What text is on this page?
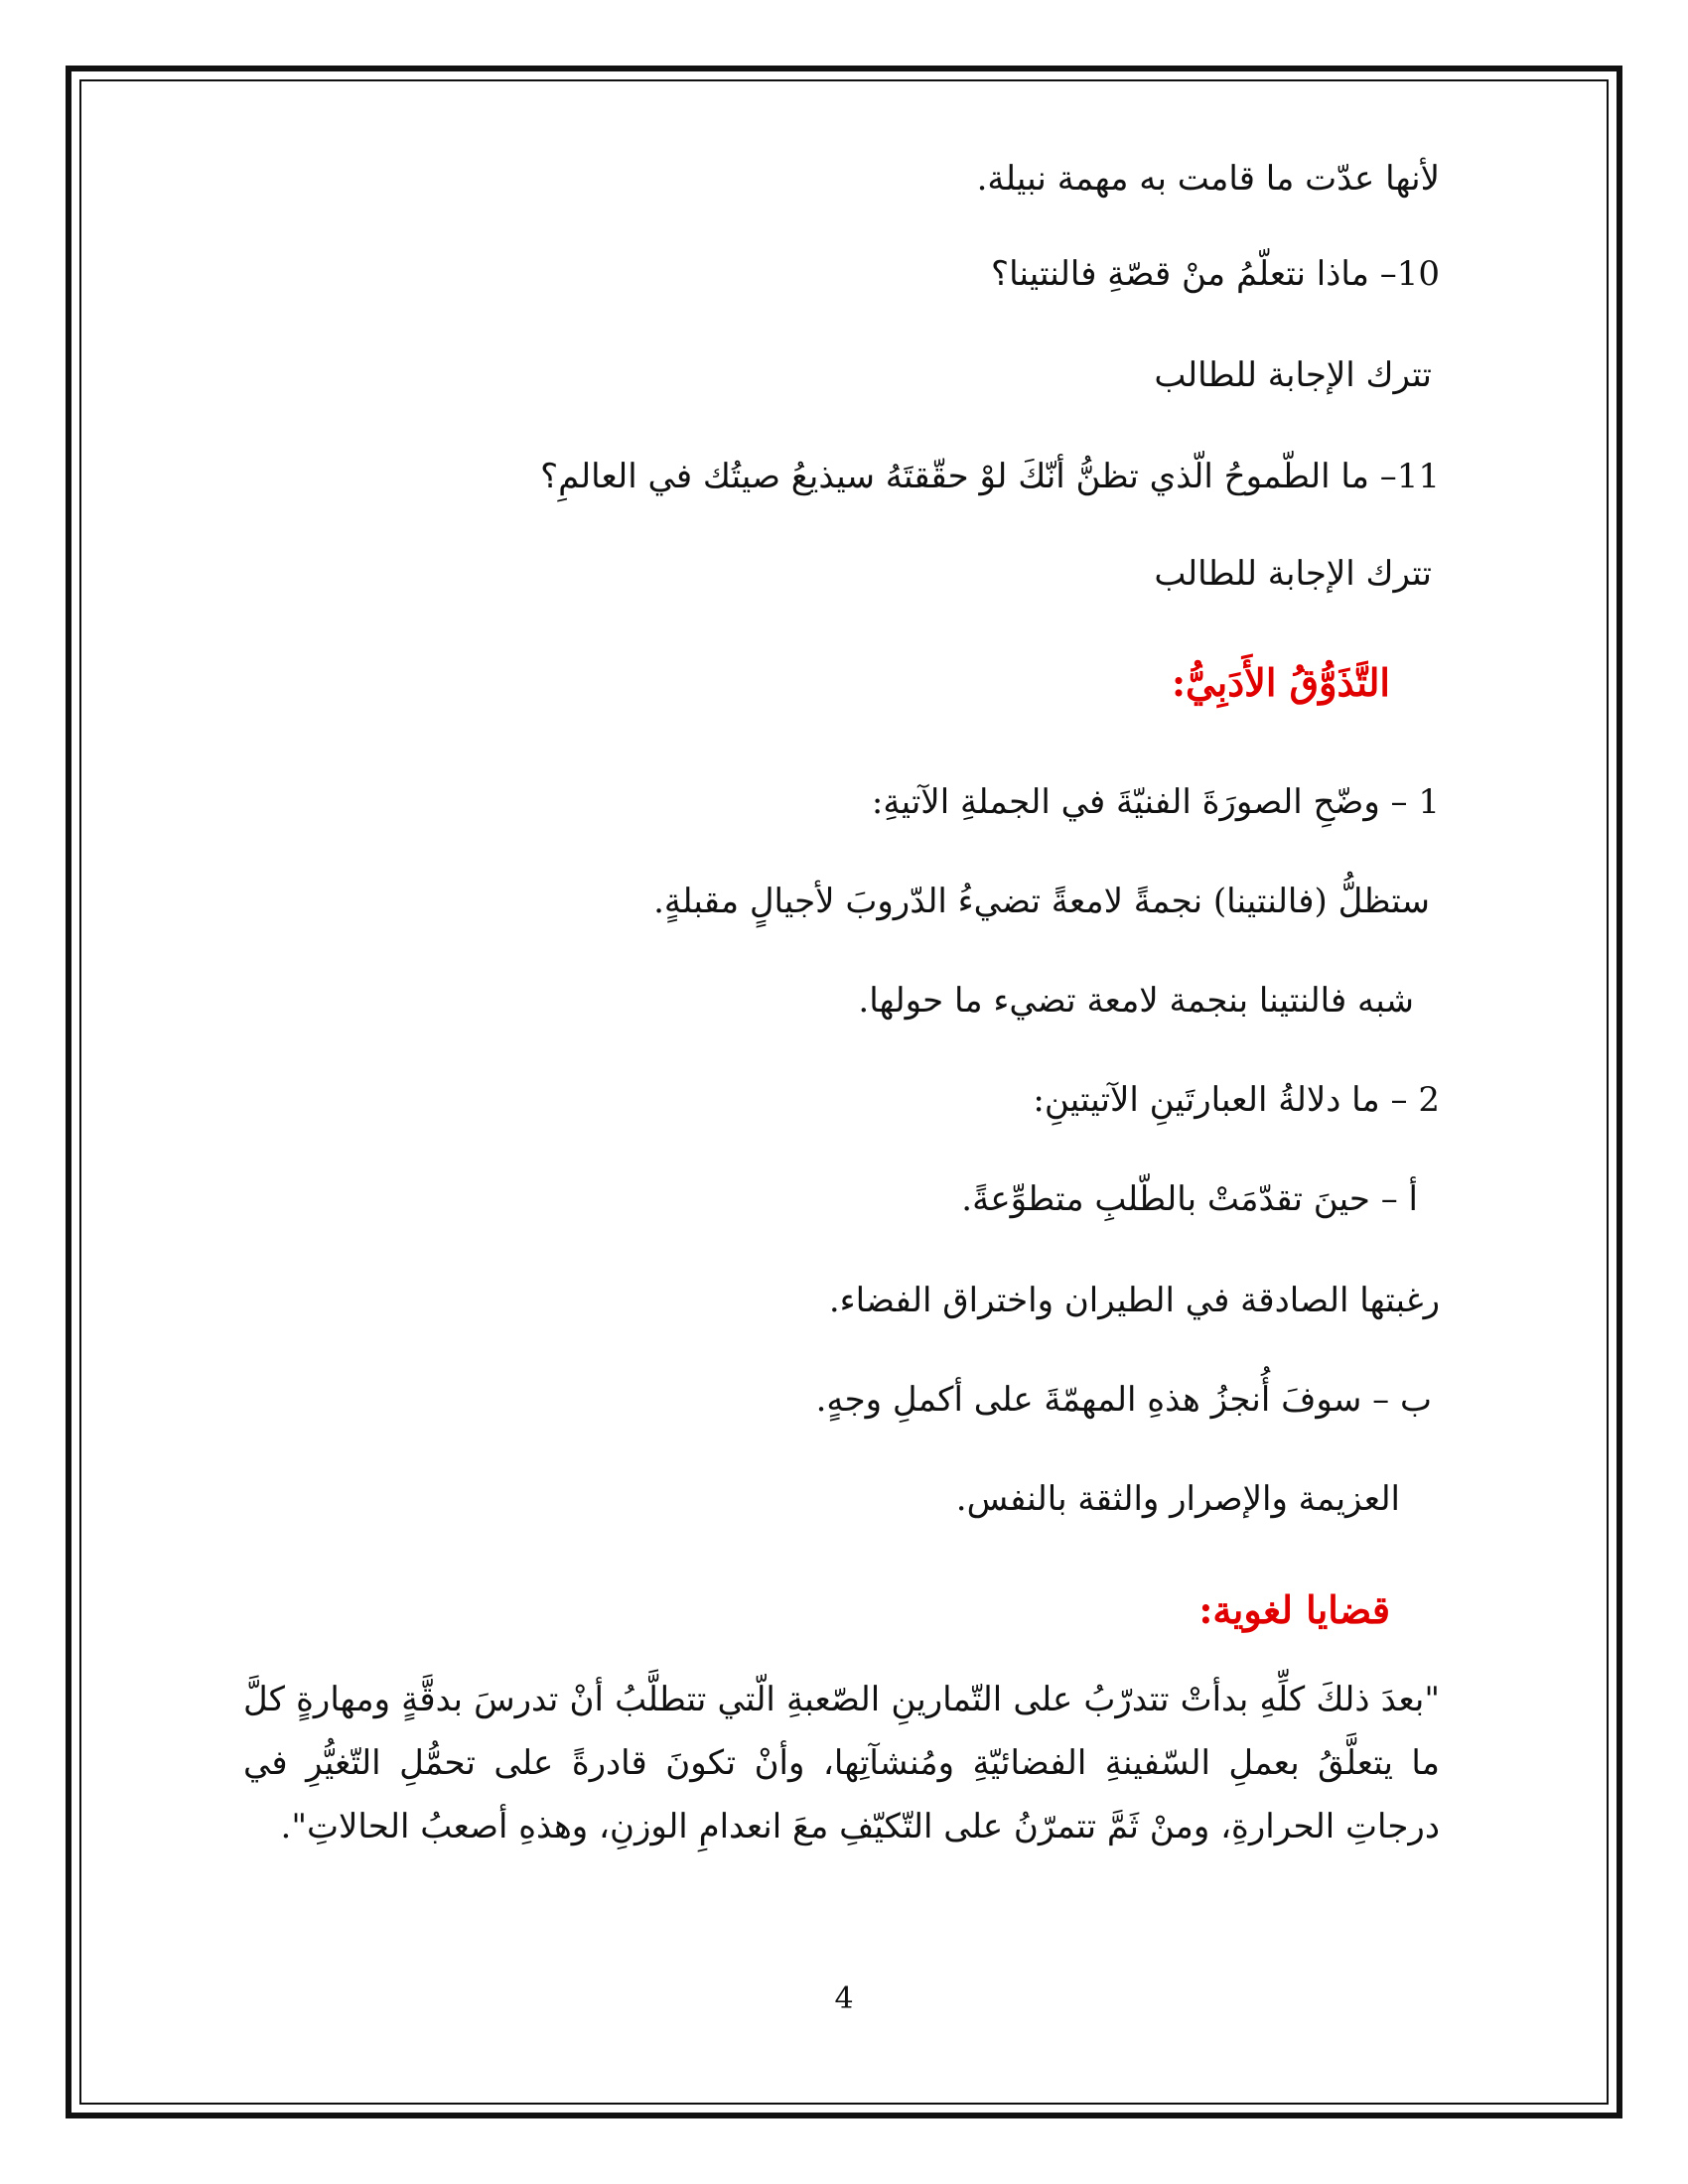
لأنها عدّت ما قامت به مهمة نبيلة.
10– ماذا نتعلّمُ منْ قصّةِ فالنتينا؟
تترك الإجابة للطالب
11– ما الطّموحُ الّذي تظنُّ أنّكَ لوْ حقّقتَهُ سيذيعُ صيتُك في العالمِ؟
تترك الإجابة للطالب
التَّذَوُّقُ الأَدَبِيُّ:
1 – وضّحِ الصورَةَ الفنيّةَ في الجملةِ الآتيةِ:
ستظلُّ (فالنتينا) نجمةً لامعةً تضيءُ الدّروبَ لأجيالٍ مقبلةٍ.
شبه فالنتينا بنجمة لامعة تضيء ما حولها.
2 – ما دلالةُ العبارتَينِ الآتيتينِ:
أ – حينَ تقدّمَتْ بالطّلبِ متطوِّعةً.
رغبتها الصادقة في الطيران واختراق الفضاء.
ب – سوفَ أُنجزُ هذهِ المهمّةَ على أكملِ وجهٍ.
العزيمة والإصرار والثقة بالنفس.
قضايا لغوية:
"بعدَ ذلكَ كلِّهِ بدأتْ تتدرّبُ على التّمارينِ الصّعبةِ الّتي تتطلَّبُ أنْ تدرسَ بدقَّةٍ ومهارةٍ كلَّ ما يتعلَّقُ بعملِ السّفينةِ الفضائيّةِ ومُنشآتِها، وأنْ تكونَ قادرةً على تحمُّلِ التّغيُّرِ في درجاتِ الحرارةِ، ومنْ ثَمَّ تتمرّنُ على التّكيّفِ معَ انعدامِ الوزنِ، وهذهِ أصعبُ الحالاتِ".
4
